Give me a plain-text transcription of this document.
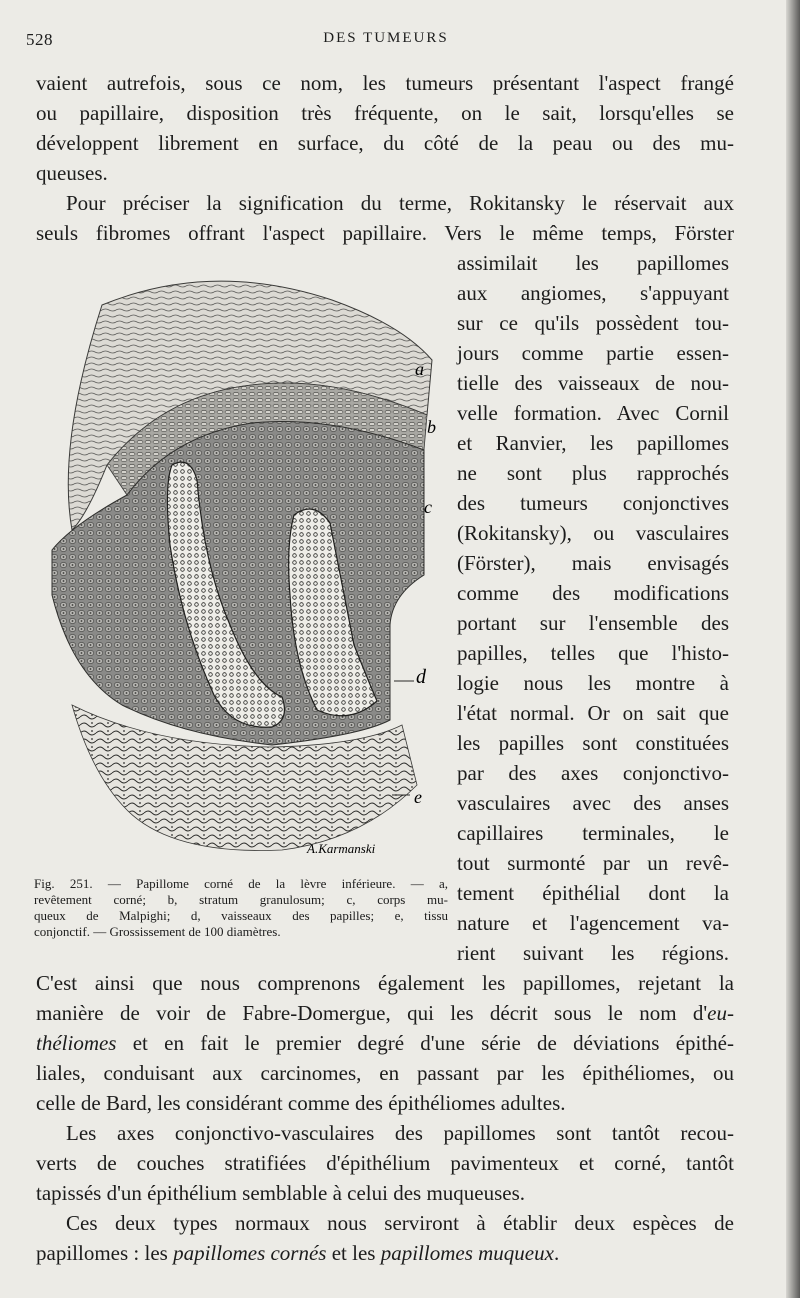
528	DES TUMEURS
vaient autrefois, sous ce nom, les tumeurs présentant l'aspect frangé
ou papillaire, disposition très fréquente, on le sait, lorsqu'elles se
développent librement en surface, du côté de la peau ou des mu-
queuses.
Pour préciser la signification du terme, Rokitansky le réservait aux
seuls fibromes offrant l'aspect papillaire. Vers le même temps, Förster
assimilait les papillomes
aux angiomes, s'appuyant
sur ce qu'ils possèdent tou-
jours comme partie essen-
tielle des vaisseaux de nou-
velle formation. Avec Cornil
et Ranvier, les papillomes
ne sont plus rapprochés
des tumeurs conjonctives
(Rokitansky), ou vasculaires
(Förster), mais envisagés
comme des modifications
portant sur l'ensemble des
papilles, telles que l'histo-
logie nous les montre à
l'état normal. Or on sait que
les papilles sont constituées
par des axes conjonctivo-
vasculaires avec des anses
capillaires terminales, le
tout surmonté par un revê-
tement épithélial dont la
nature et l'agencement va-
rient suivant les régions.
a
b
c
d
e
A.Karmanski
Fig. 251. — Papillome corné de la lèvre inférieure. — a,
revêtement corné; b, stratum granulosum; c, corps mu-
queux de Malpighi; d, vaisseaux des papilles; e, tissu
conjonctif. — Grossissement de 100 diamètres.
C'est ainsi que nous comprenons également les papillomes, rejetant la
manière de voir de Fabre-Domergue, qui les décrit sous le nom d'eu-
théliomes et en fait le premier degré d'une série de déviations épithé-
liales, conduisant aux carcinomes, en passant par les épithéliomes, ou
celle de Bard, les considérant comme des épithéliomes adultes.
Les axes conjonctivo-vasculaires des papillomes sont tantôt recou-
verts de couches stratifiées d'épithélium pavimenteux et corné, tantôt
tapissés d'un épithélium semblable à celui des muqueuses.
Ces deux types normaux nous serviront à établir deux espèces de
papillomes : les papillomes cornés et les papillomes muqueux.
